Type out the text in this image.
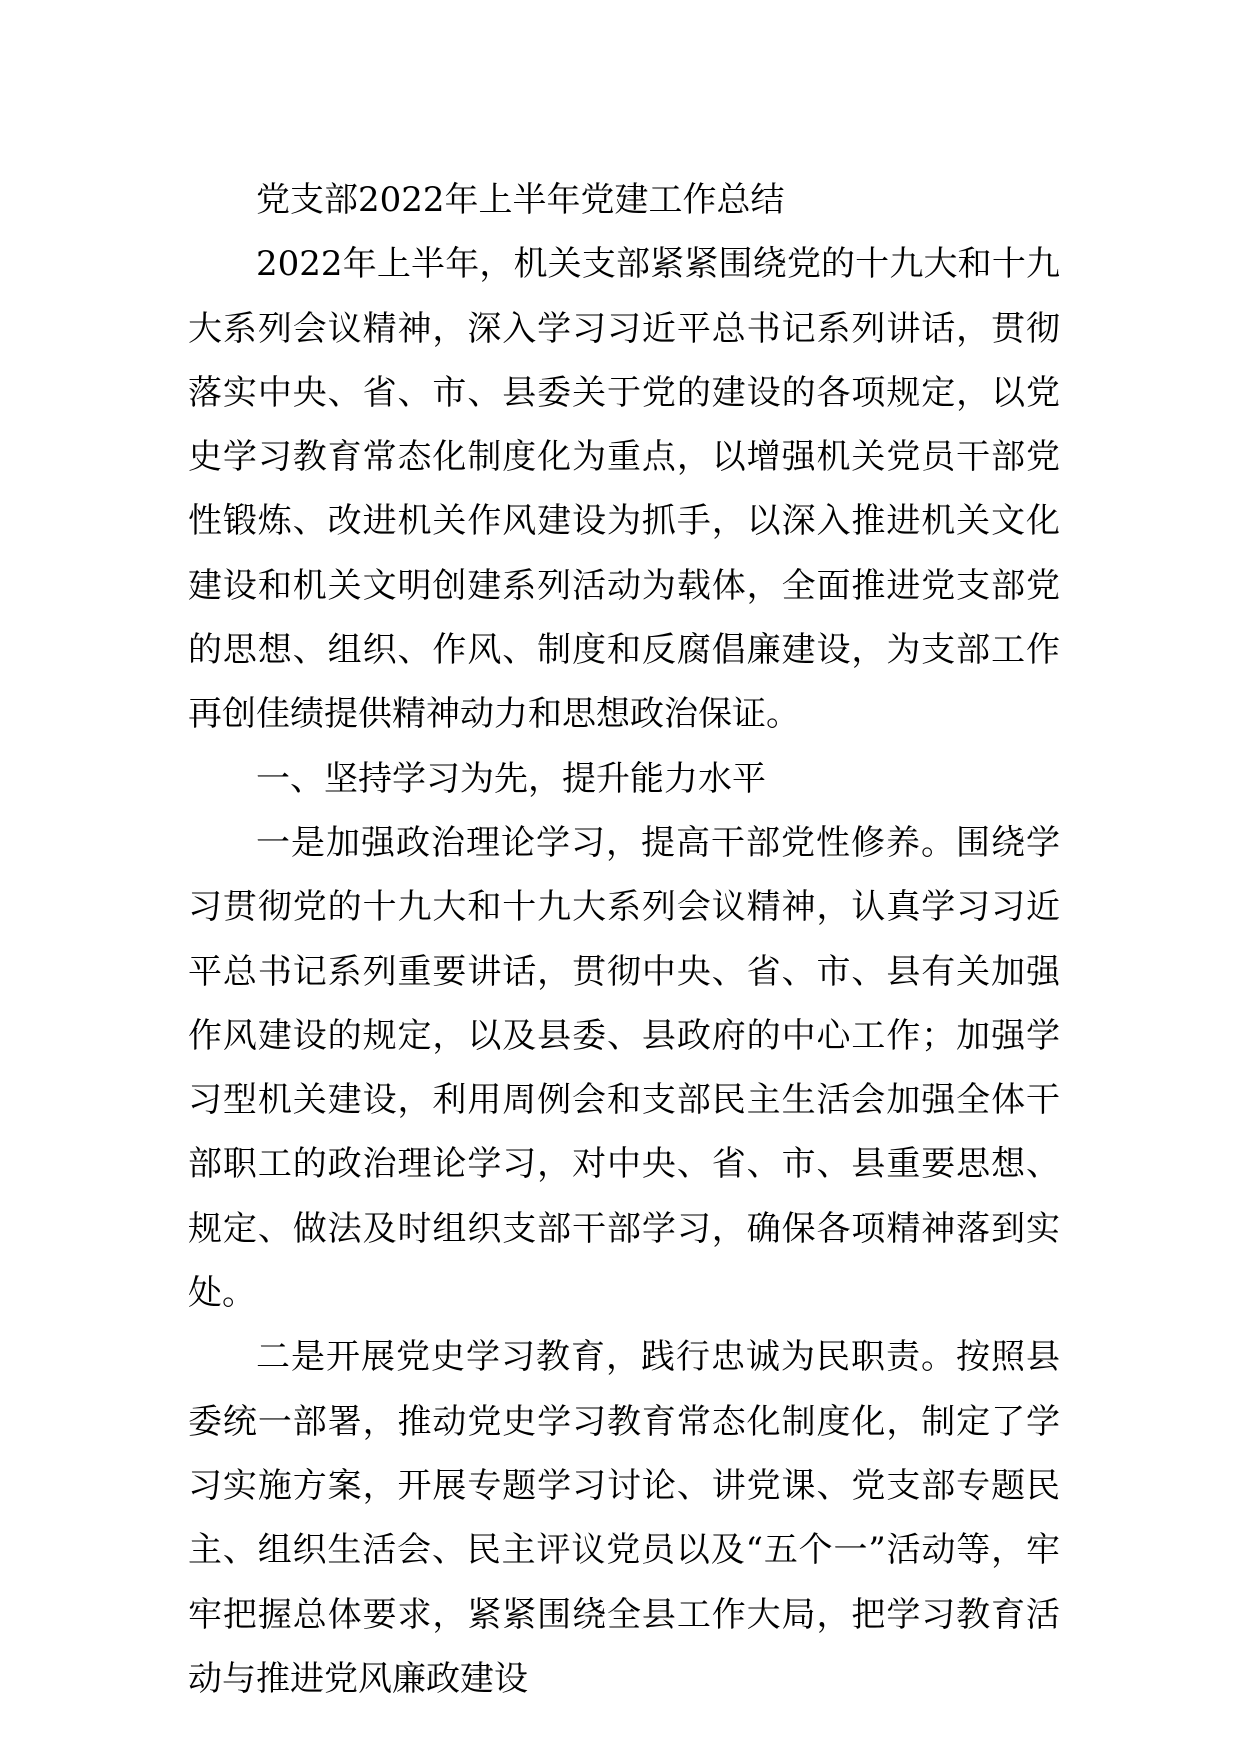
党支部2022年上半年党建工作总结

2022年上半年，机关支部紧紧围绕党的十九大和十九大系列会议精神，深入学习习近平总书记系列讲话，贯彻落实中央、省、市、县委关于党的建设的各项规定，以党史学习教育常态化制度化为重点，以增强机关党员干部党性锻炼、改进机关作风建设为抓手，以深入推进机关文化建设和机关文明创建系列活动为载体，全面推进党支部党的思想、组织、作风、制度和反腐倡廉建设，为支部工作再创佳绩提供精神动力和思想政治保证。

一、坚持学习为先，提升能力水平

一是加强政治理论学习，提高干部党性修养。围绕学习贯彻党的十九大和十九大系列会议精神，认真学习习近平总书记系列重要讲话，贯彻中央、省、市、县有关加强作风建设的规定，以及县委、县政府的中心工作；加强学习型机关建设，利用周例会和支部民主生活会加强全体干部职工的政治理论学习，对中央、省、市、县重要思想、规定、做法及时组织支部干部学习，确保各项精神落到实处。

二是开展党史学习教育，践行忠诚为民职责。按照县委统一部署，推动党史学习教育常态化制度化，制定了学习实施方案，开展专题学习讨论、讲党课、党支部专题民主、组织生活会、民主评议党员以及“五个一”活动等，牢牢把握总体要求，紧紧围绕全县工作大局，把学习教育活动与推进党风廉政建设
